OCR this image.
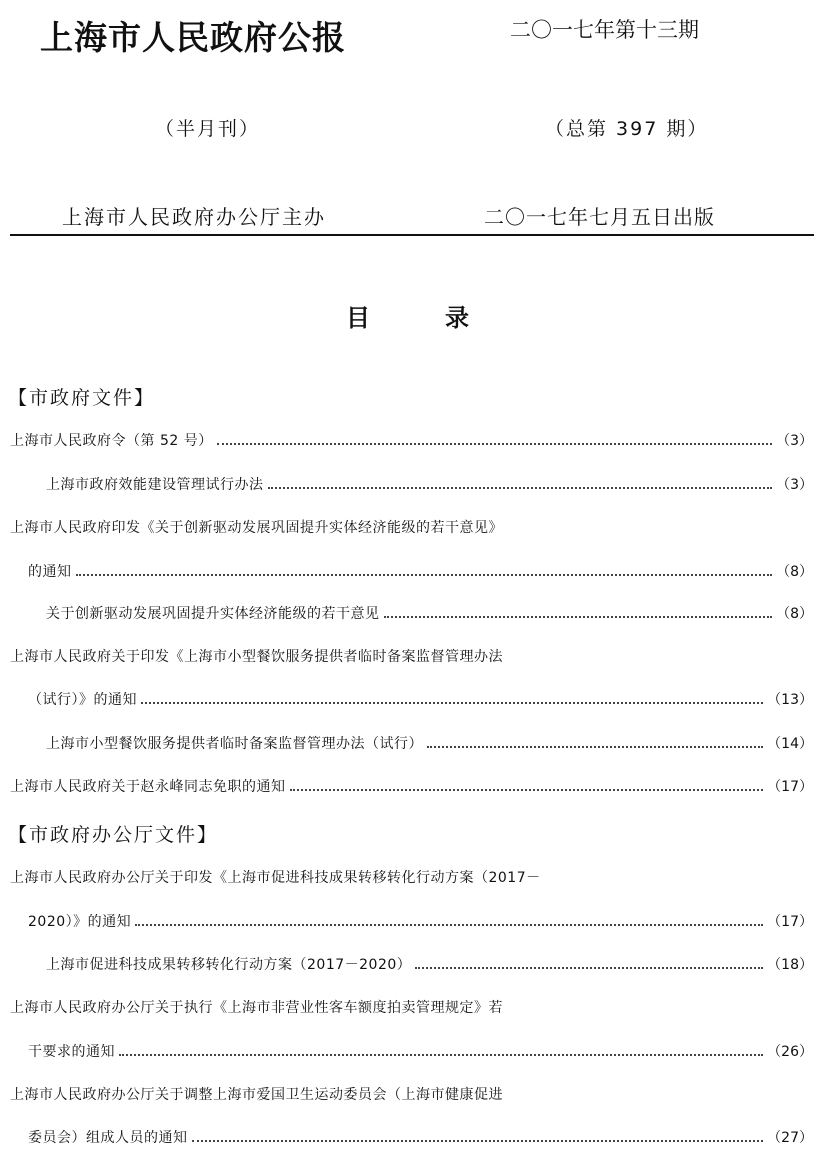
上海市人民政府公报	二〇一七年第十三期
（半月刊）	（总第 397 期）
上海市人民政府办公厅主办	二〇一七年七月五日出版
目录
【市政府文件】
上海市人民政府令（第 52 号）	（3）
上海市政府效能建设管理试行办法	（3）
上海市人民政府印发《关于创新驱动发展巩固提升实体经济能级的若干意见》
的通知	（8）
关于创新驱动发展巩固提升实体经济能级的若干意见	（8）
上海市人民政府关于印发《上海市小型餐饮服务提供者临时备案监督管理办法
（试行）》的通知	（13）
上海市小型餐饮服务提供者临时备案监督管理办法（试行）	（14）
上海市人民政府关于赵永峰同志免职的通知	（17）
【市政府办公厅文件】
上海市人民政府办公厅关于印发《上海市促进科技成果转移转化行动方案（2017－
2020）》的通知	（17）
上海市促进科技成果转移转化行动方案（2017－2020）	（18）
上海市人民政府办公厅关于执行《上海市非营业性客车额度拍卖管理规定》若
干要求的通知	（26）
上海市人民政府办公厅关于调整上海市爱国卫生运动委员会（上海市健康促进
委员会）组成人员的通知	（27）
